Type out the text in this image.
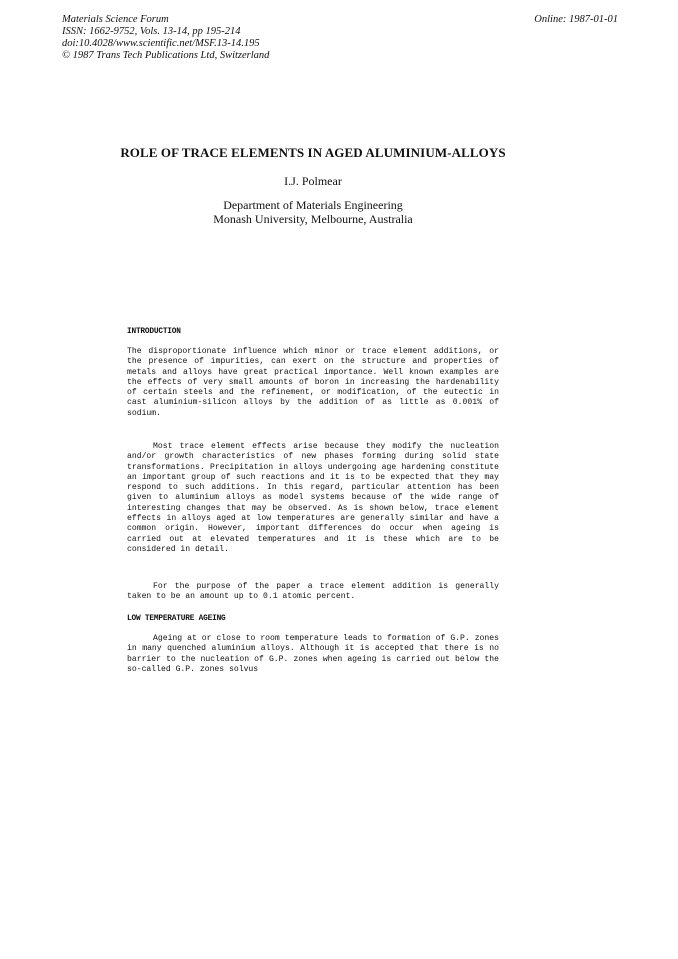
Materials Science Forum
ISSN: 1662-9752, Vols. 13-14, pp 195-214
doi:10.4028/www.scientific.net/MSF.13-14.195
© 1987 Trans Tech Publications Ltd, Switzerland
Online: 1987-01-01
ROLE OF TRACE ELEMENTS IN AGED ALUMINIUM-ALLOYS
I.J. Polmear
Department of Materials Engineering
Monash University, Melbourne, Australia
INTRODUCTION
The disproportionate influence which minor or trace element additions, or the presence of impurities, can exert on the structure and properties of metals and alloys have great practical importance. Well known examples are the effects of very small amounts of boron in increasing the hardenability of certain steels and the refinement, or modification, of the eutectic in cast aluminium-silicon alloys by the addition of as little as 0.001% of sodium.
Most trace element effects arise because they modify the nucleation and/or growth characteristics of new phases forming during solid state transformations. Precipitation in alloys undergoing age hardening constitute an important group of such reactions and it is to be expected that they may respond to such additions. In this regard, particular attention has been given to aluminium alloys as model systems because of the wide range of interesting changes that may be observed. As is shown below, trace element effects in alloys aged at low temperatures are generally similar and have a common origin. However, important differences do occur when ageing is carried out at elevated temperatures and it is these which are to be considered in detail.
For the purpose of the paper a trace element addition is generally taken to be an amount up to 0.1 atomic percent.
LOW TEMPERATURE AGEING
Ageing at or close to room temperature leads to formation of G.P. zones in many quenched aluminium alloys. Although it is accepted that there is no barrier to the nucleation of G.P. zones when ageing is carried out below the so-called G.P. zones solvus
